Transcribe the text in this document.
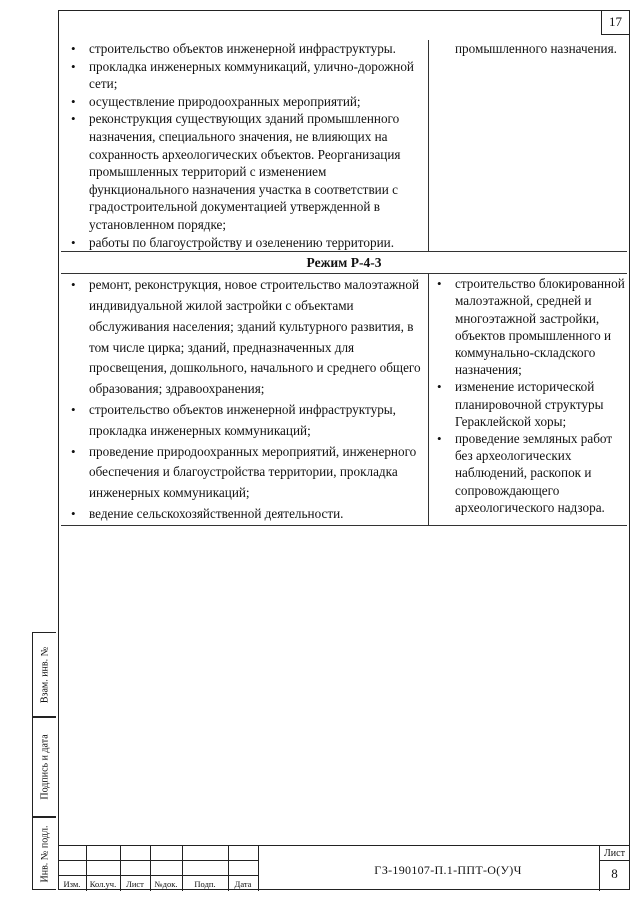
17
• строительство объектов инженерной инфраструктуры.
• прокладка инженерных коммуникаций, улично-дорожной сети;
• осуществление природоохранных мероприятий;
• реконструкция существующих зданий промышленного назначения, специального значения, не влияющих на сохранность археологических объектов. Реорганизация промышленных территорий с изменением функционального назначения участка в соответствии с градостроительной документацией утвержденной в установленном порядке;
• работы по благоустройству и озеленению территории.
промышленного назначения.
Режим Р-4-3
• ремонт, реконструкция, новое строительство малоэтажной индивидуальной жилой застройки с объектами обслуживания населения; зданий культурного развития, в том числе цирка; зданий, предназначенных для просвещения, дошкольного, начального и среднего общего образования; здравоохранения;
• строительство объектов инженерной инфраструктуры, прокладка инженерных коммуникаций;
• проведение природоохранных мероприятий, инженерного обеспечения и благоустройства территории, прокладка инженерных коммуникаций;
• ведение сельскохозяйственной деятельности.
• строительство блокированной малоэтажной, средней и многоэтажной застройки, объектов промышленного и коммунально-складского назначения;
• изменение исторической планировочной структуры Гераклейской хоры;
• проведение земляных работ без археологических наблюдений, раскопок и сопровождающего археологического надзора.
Взам. инв. №
Подпись и дата
Инв. № подл.
Изм.	Кол.уч.	Лист	№док.	Подп.	Дата
ГЗ-190107-П.1-ППТ-О(У)Ч
Лист
8
